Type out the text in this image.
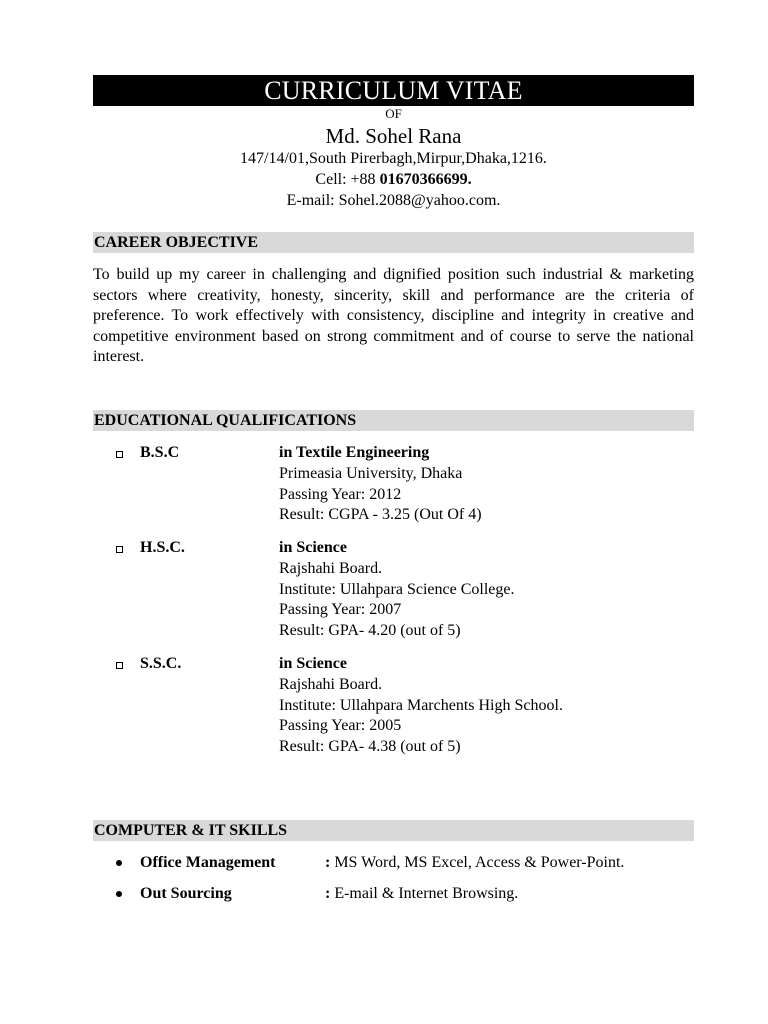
CURRICULUM VITAE
OF
Md. Sohel Rana
147/14/01,South Pirerbagh,Mirpur,Dhaka,1216.
Cell: +88 01670366699.
E-mail: Sohel.2088@yahoo.com.
CAREER OBJECTIVE

To build up my career in challenging and dignified position such industrial & marketing sectors where creativity, honesty, sincerity, skill and performance are the criteria of preference. To work effectively with consistency, discipline and integrity in creative and competitive environment based on strong commitment and of course to serve the national interest.

EDUCATIONAL QUALIFICATIONS
B.S.C	in Textile Engineering
Primeasia University, Dhaka
Passing Year: 2012
Result: CGPA - 3.25 (Out Of 4)
H.S.C.	in Science
Rajshahi Board.
Institute: Ullahpara Science College.
Passing Year: 2007
Result: GPA- 4.20 (out of 5)
S.S.C.	in Science
Rajshahi Board.
Institute: Ullahpara Marchents High School.
Passing Year: 2005
Result: GPA- 4.38 (out of 5)
COMPUTER & IT SKILLS
Office Management	: MS Word, MS Excel, Access & Power-Point.
Out Sourcing	: E-mail & Internet Browsing.
